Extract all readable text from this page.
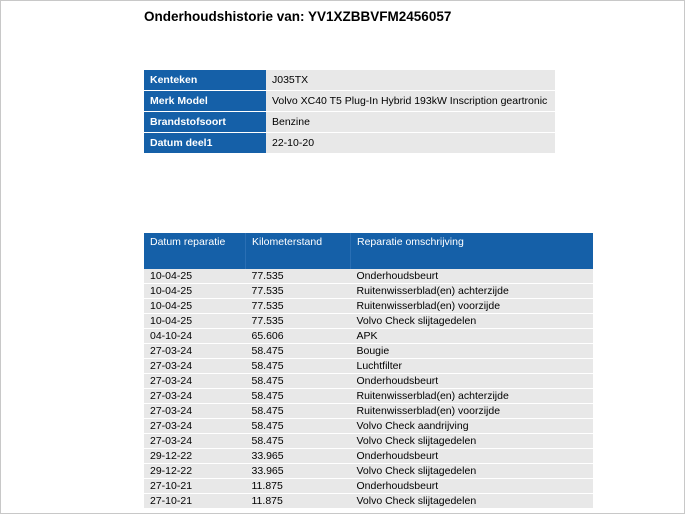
Onderhoudshistorie van: YV1XZBBVFM2456057
Kenteken	J035TX
Merk Model	Volvo XC40 T5 Plug-In Hybrid 193kW Inscription geartronic
Brandstofsoort	Benzine
Datum deel1	22-10-20
Datum reparatie	Kilometerstand	Reparatie omschrijving
10-04-25	77.535	Onderhoudsbeurt
10-04-25	77.535	Ruitenwisserblad(en) achterzijde
10-04-25	77.535	Ruitenwisserblad(en) voorzijde
10-04-25	77.535	Volvo Check slijtagedelen
04-10-24	65.606	APK
27-03-24	58.475	Bougie
27-03-24	58.475	Luchtfilter
27-03-24	58.475	Onderhoudsbeurt
27-03-24	58.475	Ruitenwisserblad(en) achterzijde
27-03-24	58.475	Ruitenwisserblad(en) voorzijde
27-03-24	58.475	Volvo Check aandrijving
27-03-24	58.475	Volvo Check slijtagedelen
29-12-22	33.965	Onderhoudsbeurt
29-12-22	33.965	Volvo Check slijtagedelen
27-10-21	11.875	Onderhoudsbeurt
27-10-21	11.875	Volvo Check slijtagedelen
